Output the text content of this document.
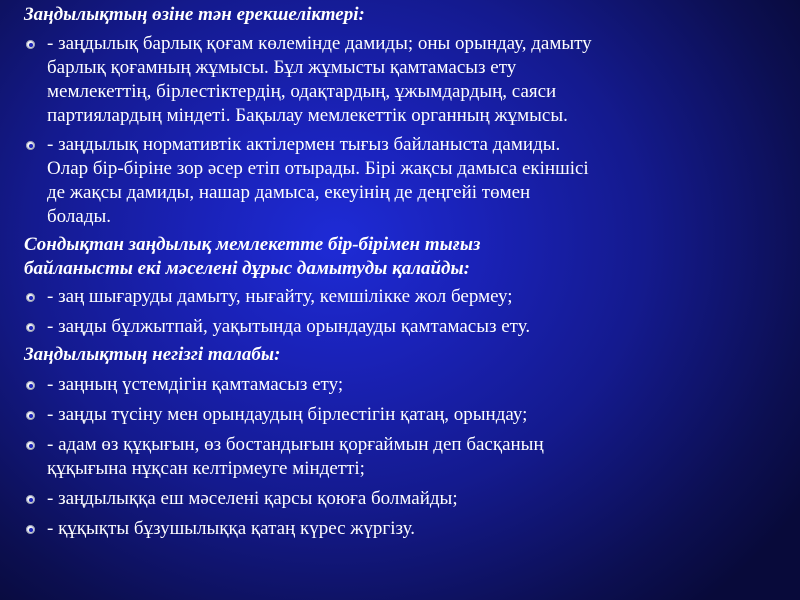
Заңдылықтың өзіне тән ерекшеліктері:
- заңдылық барлық қоғам көлемінде дамиды; оны орындау, дамыту
барлық қоғамның жұмысы. Бұл жұмысты қамтамасыз ету
мемлекеттің, бірлестіктердің, одақтардың, ұжымдардың, саяси
партиялардың міндеті. Бақылау мемлекеттік органның жұмысы.
- заңдылық нормативтік актілермен тығыз байланыста дамиды.
Олар бір-біріне зор әсер етіп отырады. Бірі жақсы дамыса екіншісі
де жақсы дамиды, нашар дамыса, екеуінің де деңгейі төмен
болады.
Сондықтан заңдылық мемлекетте бір-бірімен тығыз
байланысты екі мәселені дұрыс дамытуды қалайды:
- заң шығаруды дамыту, нығайту, кемшілікке жол бермеу;
- заңды бұлжытпай, уақытында орындауды қамтамасыз ету.
Заңдылықтың негізгі талабы:
- заңның үстемдігін қамтамасыз ету;
- заңды түсіну мен орындаудың бірлестігін қатаң, орындау;
- адам өз құқығын, өз бостандығын қорғаймын деп басқаның
құқығына нұқсан келтірмеуге міндетті;
- заңдылыққа еш мәселені қарсы қоюға болмайды;
- құқықты бұзушылыққа қатаң күрес жүргізу.
